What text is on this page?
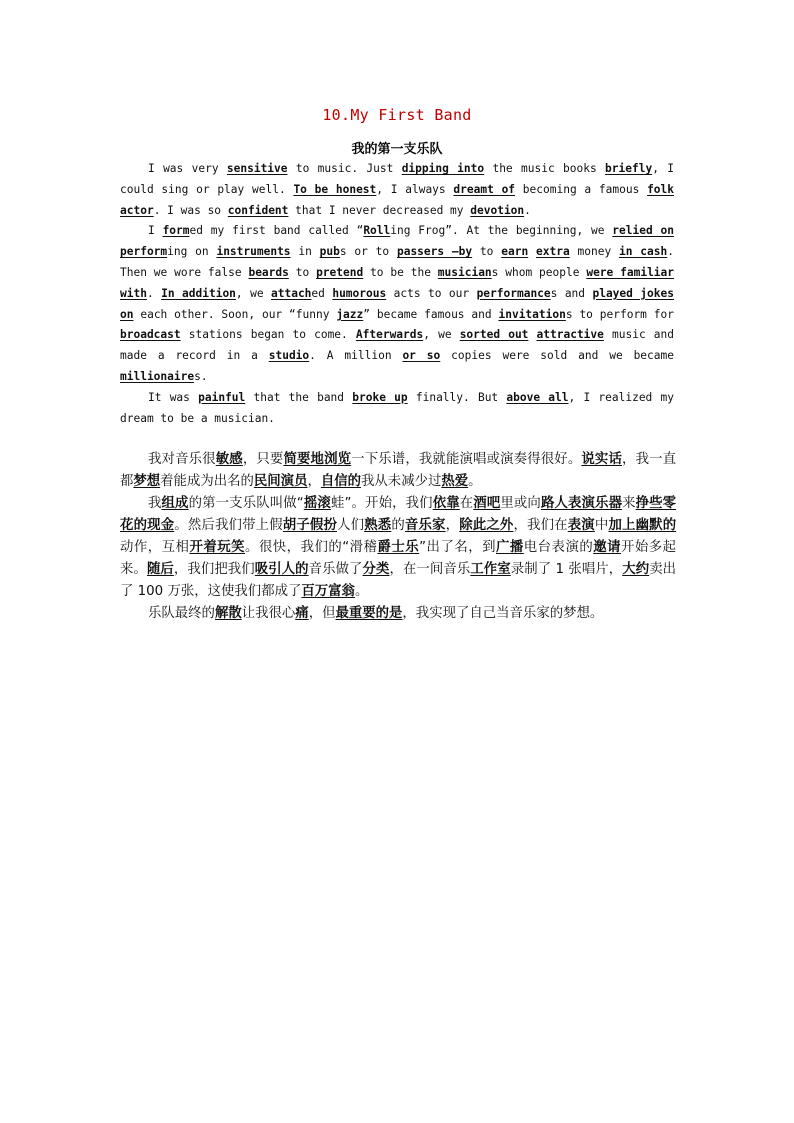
10.My First Band
我的第一支乐队

I was very sensitive to music. Just dipping into the music books briefly, I could sing or play well. To be honest, I always dreamt of becoming a famous folk actor. I was so confident that I never decreased my devotion.

I formed my first band called “Rolling Frog”. At the beginning, we relied on performing on instruments in pubs or to passers –by to earn extra money in cash. Then we wore false beards to pretend to be the musicians whom people were familiar with. In addition, we attached humorous acts to our performances and played jokes on each other. Soon, our “funny jazz” became famous and invitations to perform for broadcast stations began to come. Afterwards, we sorted out attractive music and made a record in a studio. A million or so copies were sold and we became millionaires.

It was painful that the band broke up finally. But above all, I realized my dream to be a musician.

我对音乐很敏感，只要简要地浏览一下乐谱，我就能演唱或演奏得很好。说实话，我一直都梦想着能成为出名的民间演员，自信的我从未减少过热爱。

我组成的第一支乐队叫做“摇滚蛙”。开始，我们依靠在酒吧里或向路人表演乐器来挣些零花的现金。然后我们带上假胡子假扮人们熟悉的音乐家，除此之外，我们在表演中加上幽默的动作，互相开着玩笑。很快，我们的“滑稽爵士乐”出了名，到广播电台表演的邀请开始多起来。随后，我们把我们吸引人的音乐做了分类，在一间音乐工作室录制了 1 张唱片，大约卖出了 100 万张，这使我们都成了百万富翁。

乐队最终的解散让我很心痛，但最重要的是，我实现了自己当音乐家的梦想。
